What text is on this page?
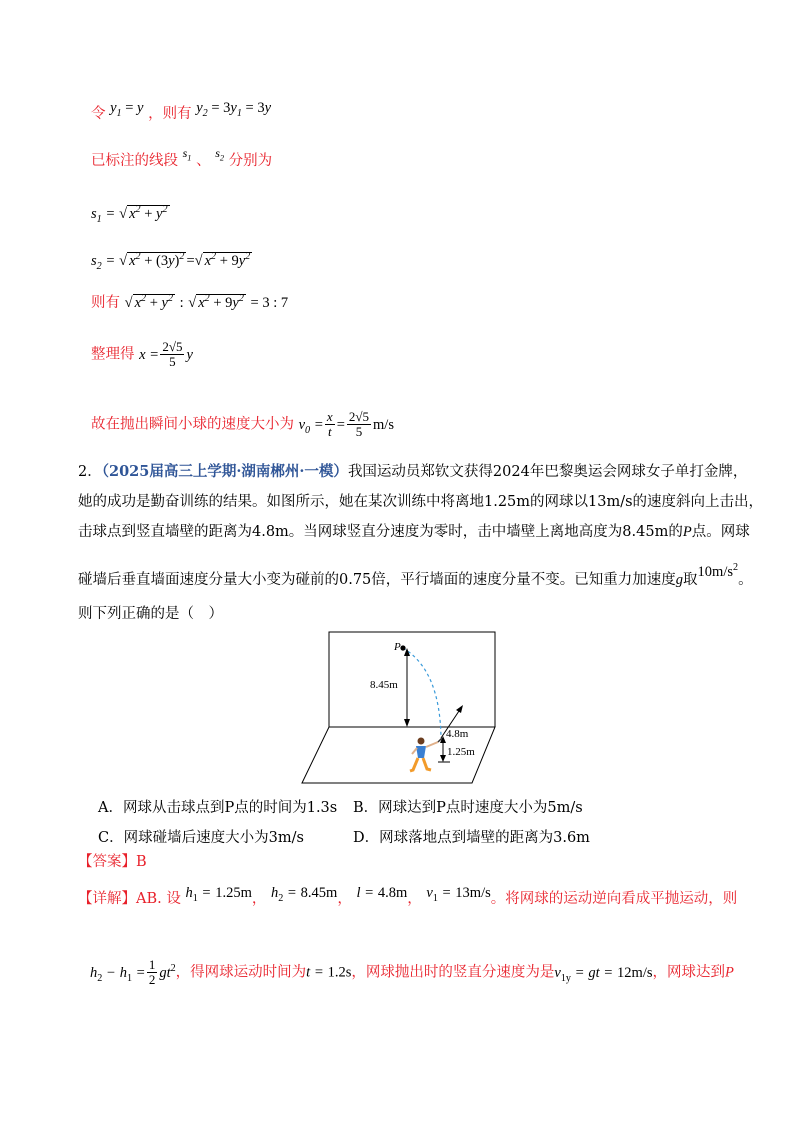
令 $y_1 = y$ ，则有 $y_2 = 3y_1 = 3y$
已标注的线段 $^{s_1}$ 、 $^{s_2}$ 分别为
$s_1$ = √ $x^2 + y^2$
$s_2$ = √ $x^2 + (3y)^2$ =√ $x^2 + 9y^2$
则有 √ $x^2 + y^2$ : √ $x^2 + 9y^2 = 3$ : 7
整理得 $x = \frac{2√5}{5}$ y
故在抛出瞬间小球的速度大小为 $v_0 = \frac{x}{t} = \frac{2√5}{5} m/s$
2．（2025届高三上学期·湖南郴州·一模）我国运动员郑钦文获得2024年巴黎奥运会网球女子单打金牌，
她的成功是勤奋训练的结果。如图所示，她在某次训练中将离地1.25m的网球以13m/s的速度斜向上击出，
击球点到竖直墙壁的距离为4.8m。当网球竖直分速度为零时，击中墙壁上离地高度为8.45m的P点。网球
碰墙后垂直墙面速度分量大小变为碰前的0.75倍，平行墙面的速度分量不变。已知重力加速度g取$10m/s^2$。
则下列正确的是（　）
P
8.45m
4.8m
1.25m
A．网球从击球点到P点的时间为1.3s B．网球达到P点时速度大小为5m/s
C．网球碰墙后速度大小为3m/s	D．网球落地点到墙壁的距离为3.6m
【答案】B
【详解】AB. 设 $h_1 = 1.25m$， $h_2 = 8.45m$， l = 4.8m， $v_1 = 13m/s$。将网球的运动逆向看成平抛运动，则
$h_2 - h_1 = \frac{1}{2} gt^2$，得网球运动时间为t = 1.2s，网球抛出时的竖直分速度为是$v_{1y}$ = gt = 12m/s，网球达到P
